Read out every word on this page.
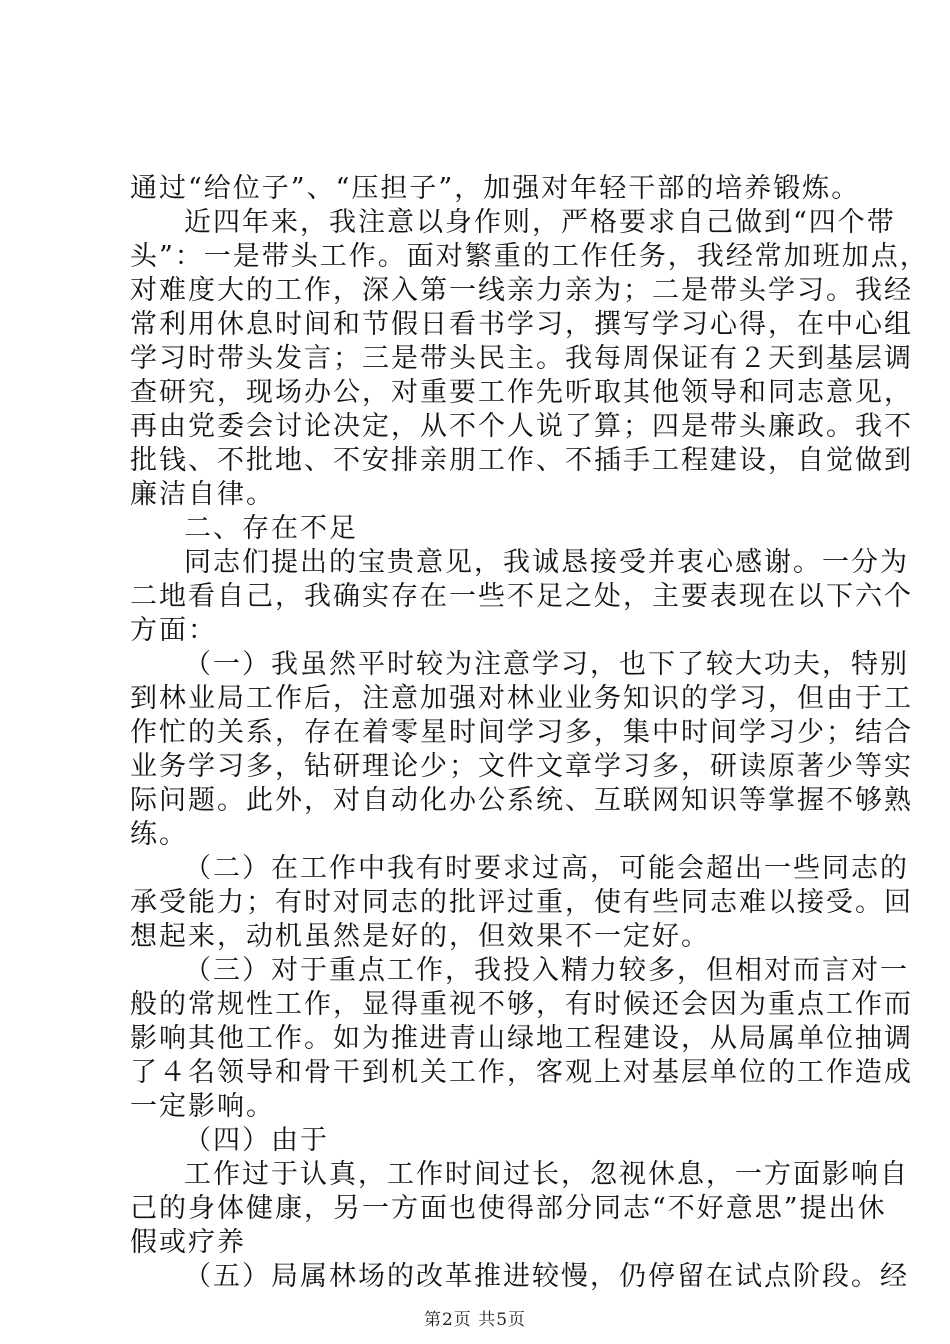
通过“给位子”、“压担子”，加强对年轻干部的培养锻炼。
近四年来，我注意以身作则，严格要求自己做到“四个带
头”：一是带头工作。面对繁重的工作任务，我经常加班加点，
对难度大的工作，深入第一线亲力亲为；二是带头学习。我经
常利用休息时间和节假日看书学习，撰写学习心得，在中心组
学习时带头发言；三是带头民主。我每周保证有２天到基层调
查研究，现场办公，对重要工作先听取其他领导和同志意见，
再由党委会讨论决定，从不个人说了算；四是带头廉政。我不
批钱、不批地、不安排亲朋工作、不插手工程建设，自觉做到
廉洁自律。
二、存在不足
同志们提出的宝贵意见，我诚恳接受并衷心感谢。一分为
二地看自己，我确实存在一些不足之处，主要表现在以下六个
方面：
（一）我虽然平时较为注意学习，也下了较大功夫，特别
到林业局工作后，注意加强对林业业务知识的学习，但由于工
作忙的关系，存在着零星时间学习多，集中时间学习少；结合
业务学习多，钻研理论少；文件文章学习多，研读原著少等实
际问题。此外，对自动化办公系统、互联网知识等掌握不够熟
练。
（二）在工作中我有时要求过高，可能会超出一些同志的
承受能力；有时对同志的批评过重，使有些同志难以接受。回
想起来，动机虽然是好的，但效果不一定好。
（三）对于重点工作，我投入精力较多，但相对而言对一
般的常规性工作，显得重视不够，有时候还会因为重点工作而
影响其他工作。如为推进青山绿地工程建设，从局属单位抽调
了４名领导和骨干到机关工作，客观上对基层单位的工作造成
一定影响。
（四）由于
工作过于认真，工作时间过长，忽视休息，一方面影响自
己的身体健康，另一方面也使得部分同志“不好意思”提出休
假或疗养
（五）局属林场的改革推进较慢，仍停留在试点阶段。经
第2页 共5页
